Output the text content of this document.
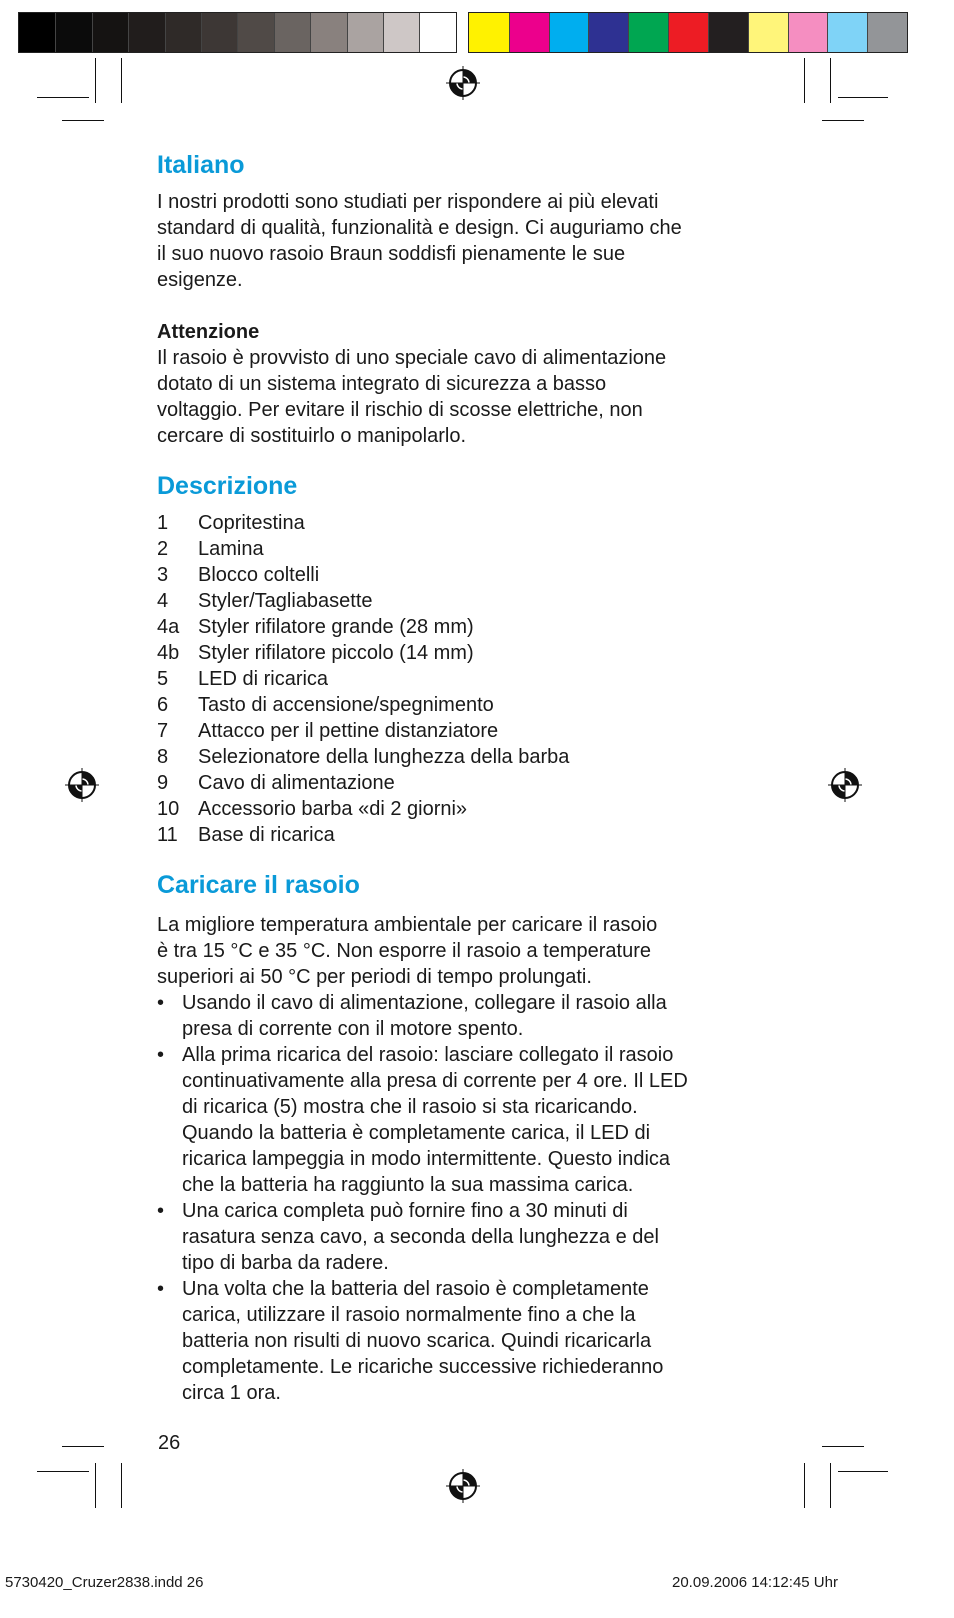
Italiano

I nostri prodotti sono studiati per rispondere ai più elevati
standard di qualità, funzionalità e design. Ci auguriamo che
il suo nuovo rasoio Braun soddisfi pienamente le sue
esigenze.

Attenzione

Il rasoio è provvisto di uno speciale cavo di alimentazione
dotato di un sistema integrato di sicurezza a basso
voltaggio. Per evitare il rischio di scosse elettriche, non
cercare di sostituirlo o manipolarlo.

Descrizione
1	Copritestina
2	Lamina
3	Blocco coltelli
4	Styler/Tagliabasette
4a Styler rifilatore grande (28 mm)
4b Styler rifilatore piccolo (14 mm)
5	LED di ricarica
6	Tasto di accensione/spegnimento
7	Attacco per il pettine distanziatore
8	Selezionatore della lunghezza della barba
9	Cavo di alimentazione
10 Accessorio barba «di 2 giorni»
11	Base di ricarica
Caricare il rasoio

La migliore temperatura ambientale per caricare il rasoio
è tra 15 °C e 35 °C. Non esporre il rasoio a temperature
superiori ai 50 °C per periodi di tempo prolungati.

• Usando il cavo di alimentazione, collegare il rasoio alla
presa di corrente con il motore spento.
• Alla prima ricarica del rasoio: lasciare collegato il rasoio
continuativamente alla presa di corrente per 4 ore. Il LED
di ricarica (5) mostra che il rasoio si sta ricaricando.
Quando la batteria è completamente carica, il LED di
ricarica lampeggia in modo intermittente. Questo indica
che la batteria ha raggiunto la sua massima carica.
• Una carica completa può fornire fino a 30 minuti di
rasatura senza cavo, a seconda della lunghezza e del
tipo di barba da radere.
• Una volta che la batteria del rasoio è completamente
carica, utilizzare il rasoio normalmente fino a che la
batteria non risulti di nuovo scarica. Quindi ricaricarla
completamente. Le ricariche successive richiederanno
circa 1 ora.
26
5730420_Cruzer2838.indd 26	20.09.2006 14:12:45 Uhr
